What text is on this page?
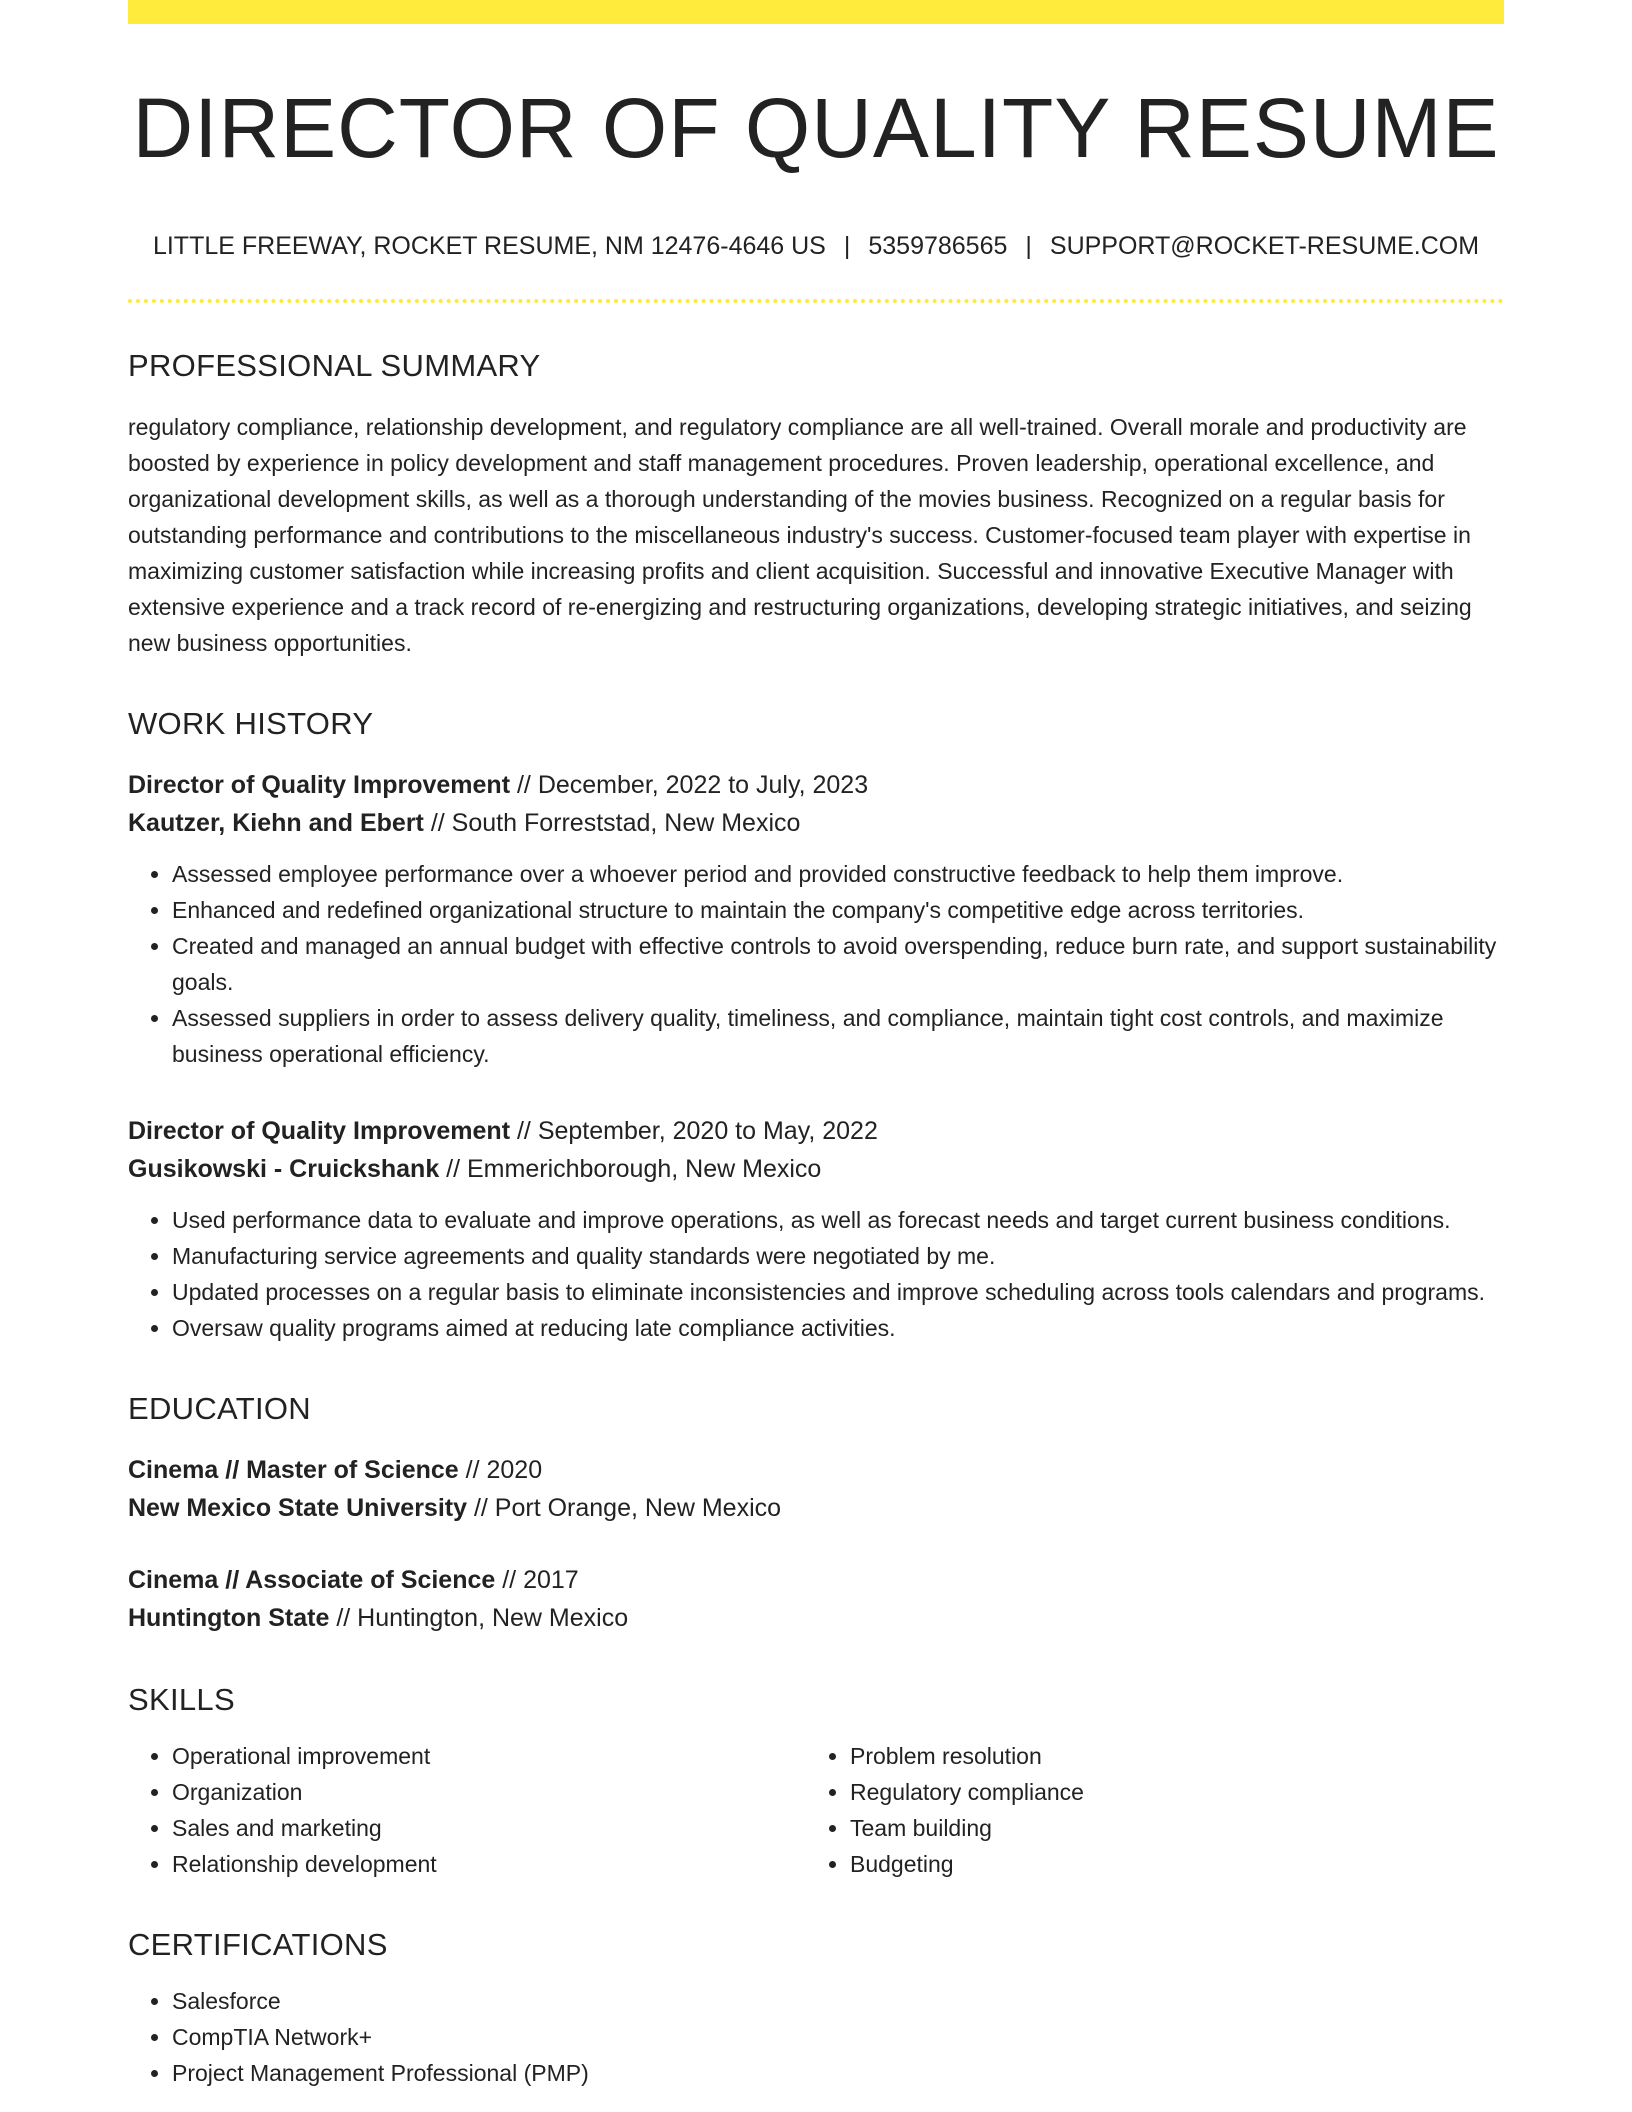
DIRECTOR OF QUALITY RESUME
LITTLE FREEWAY, ROCKET RESUME, NM 12476-4646 US | 5359786565 | SUPPORT@ROCKET-RESUME.COM
PROFESSIONAL SUMMARY

regulatory compliance, relationship development, and regulatory compliance are all well-trained. Overall morale and productivity are boosted by experience in policy development and staff management procedures. Proven leadership, operational excellence, and organizational development skills, as well as a thorough understanding of the movies business. Recognized on a regular basis for outstanding performance and contributions to the miscellaneous industry's success. Customer-focused team player with expertise in maximizing customer satisfaction while increasing profits and client acquisition. Successful and innovative Executive Manager with extensive experience and a track record of re-energizing and restructuring organizations, developing strategic initiatives, and seizing new business opportunities.

WORK HISTORY
Director of Quality Improvement // December, 2022 to July, 2023
Kautzer, Kiehn and Ebert // South Forreststad, New Mexico
• Assessed employee performance over a whoever period and provided constructive feedback to help them improve.
• Enhanced and redefined organizational structure to maintain the company's competitive edge across territories.
• Created and managed an annual budget with effective controls to avoid overspending, reduce burn rate, and support sustainability goals.
• Assessed suppliers in order to assess delivery quality, timeliness, and compliance, maintain tight cost controls, and maximize business operational efficiency.
Director of Quality Improvement // September, 2020 to May, 2022
Gusikowski - Cruickshank // Emmerichborough, New Mexico
• Used performance data to evaluate and improve operations, as well as forecast needs and target current business conditions.
• Manufacturing service agreements and quality standards were negotiated by me.
• Updated processes on a regular basis to eliminate inconsistencies and improve scheduling across tools calendars and programs.
• Oversaw quality programs aimed at reducing late compliance activities.
EDUCATION
Cinema // Master of Science // 2020
New Mexico State University // Port Orange, New Mexico
Cinema // Associate of Science // 2017
Huntington State // Huntington, New Mexico
SKILLS
• Operational improvement
• Organization
• Sales and marketing
• Relationship development
• Problem resolution
• Regulatory compliance
• Team building
• Budgeting
CERTIFICATIONS
• Salesforce
• CompTIA Network+
• Project Management Professional (PMP)
